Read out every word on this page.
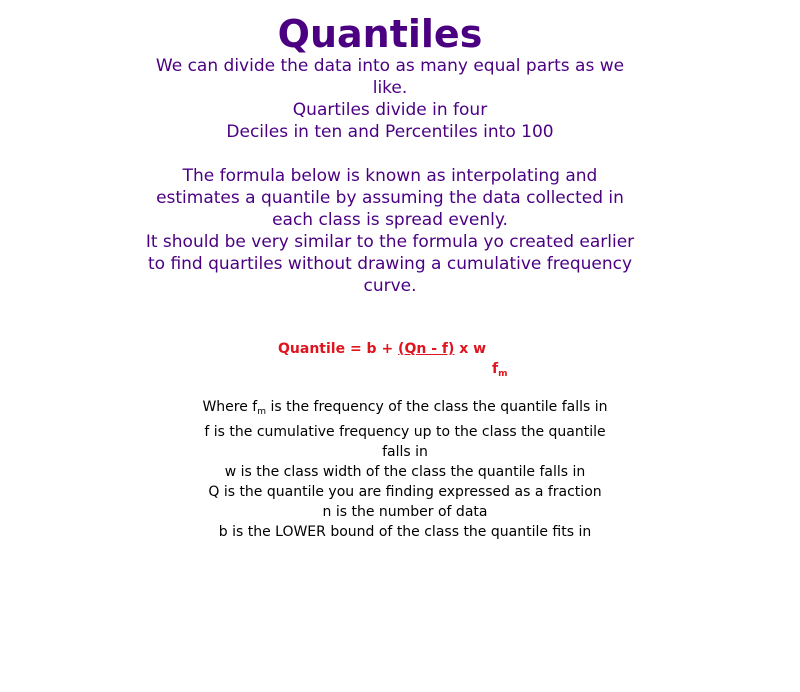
Quantiles

We can divide the data into as many equal parts as we like.

Quartiles divide in four

Deciles in ten and Percentiles into 100

The formula below is known as interpolating and estimates a quantile by assuming the data collected in each class is spread evenly.

It should be very similar to the formula yo created earlier to find quartiles without drawing a cumulative frequency curve.

Quantile = b + (Qn - f) x w
$f_m$

Where $f_m$ is the frequency of the class the quantile falls in

f is the cumulative frequency up to the class the quantile falls in

w is the class width of the class the quantile falls in

Q is the quantile you are finding expressed as a fraction

n is the number of data

b is the LOWER bound of the class the quantile fits in
